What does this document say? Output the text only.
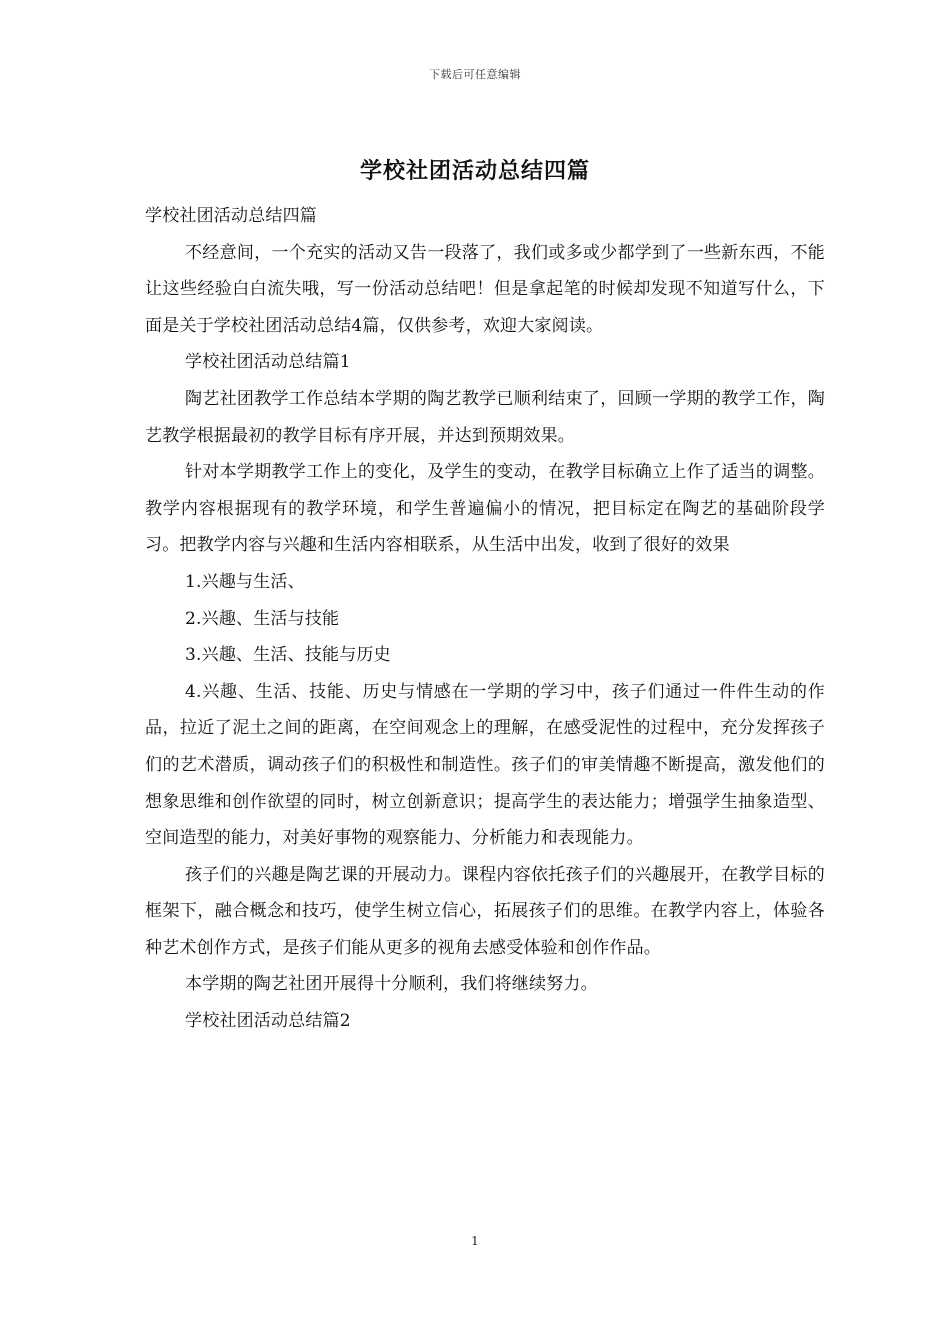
下载后可任意编辑
学校社团活动总结四篇

学校社团活动总结四篇

不经意间，一个充实的活动又告一段落了，我们或多或少都学到了一些新东西，不能让这些经验白白流失哦，写一份活动总结吧！但是拿起笔的时候却发现不知道写什么，下面是关于学校社团活动总结4篇，仅供参考，欢迎大家阅读。

学校社团活动总结篇1

陶艺社团教学工作总结本学期的陶艺教学已顺利结束了，回顾一学期的教学工作，陶艺教学根据最初的教学目标有序开展，并达到预期效果。

针对本学期教学工作上的变化，及学生的变动，在教学目标确立上作了适当的调整。教学内容根据现有的教学环境，和学生普遍偏小的情况，把目标定在陶艺的基础阶段学习。把教学内容与兴趣和生活内容相联系，从生活中出发，收到了很好的效果

1.兴趣与生活、

2.兴趣、生活与技能

3.兴趣、生活、技能与历史

4.兴趣、生活、技能、历史与情感在一学期的学习中，孩子们通过一件件生动的作品，拉近了泥土之间的距离，在空间观念上的理解，在感受泥性的过程中，充分发挥孩子们的艺术潜质，调动孩子们的积极性和制造性。孩子们的审美情趣不断提高，激发他们的想象思维和创作欲望的同时，树立创新意识；提高学生的表达能力；增强学生抽象造型、空间造型的能力，对美好事物的观察能力、分析能力和表现能力。

孩子们的兴趣是陶艺课的开展动力。课程内容依托孩子们的兴趣展开，在教学目标的框架下，融合概念和技巧，使学生树立信心，拓展孩子们的思维。在教学内容上，体验各种艺术创作方式，是孩子们能从更多的视角去感受体验和创作作品。

本学期的陶艺社团开展得十分顺利，我们将继续努力。

学校社团活动总结篇2

1
